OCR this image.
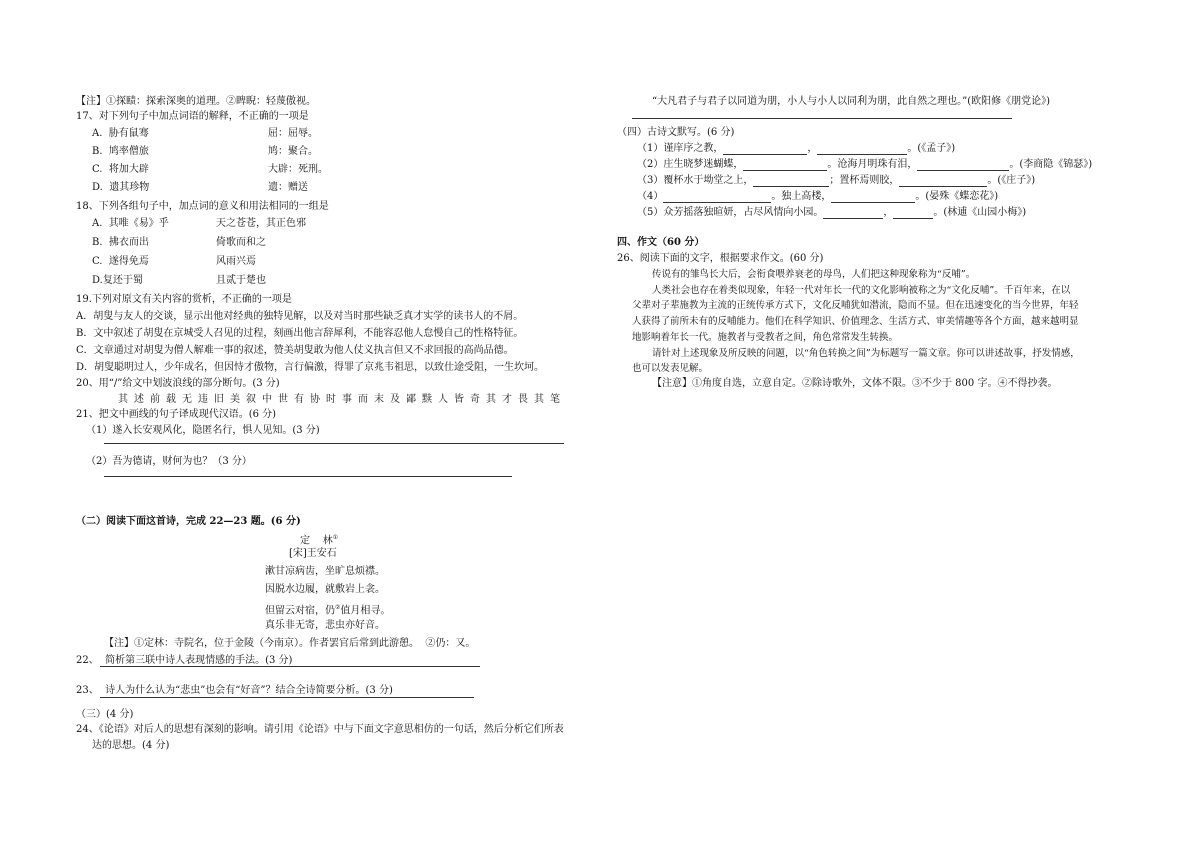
【注】①探赜：探索深奥的道理。②睥睨：轻蔑傲视。
17、对下列句子中加点词语的解释，不正确的一项是
A.  胁有鼠骞	屈：屈辱。
B.  鸠率僧旅	鸠：聚合。
C.  将加大辟	大辟：死刑。
D.  遗其珍物	遗：赠送
18、下列各组句子中，加点词的意义和用法相同的一组是
A.  其唯《易》乎	天之苍苍，其正色邪
B.  拂衣而出	倚歌而和之
C.  遂得免焉	风雨兴焉
D.复还于蜀	且贰于楚也
19.下列对原文有关内容的赏析，不正确的一项是
A．胡叟与友人的交谈，显示出他对经典的独特见解，以及对当时那些缺乏真才实学的读书人的不屑。
B．文中叙述了胡叟在京城受人召见的过程，刻画出他言辞犀利，不能容忍他人怠慢自己的性格特征。
C．文章通过对胡叟为僧人解难一事的叙述，赞美胡叟敢为他人仗义执言但又不求回报的高尚品德。
D．胡叟聪明过人，少年成名，但因恃才傲物，言行偏激，得罪了京兆韦祖思，以致仕途受阻，一生坎坷。
20、用“/”给文中划波浪线的部分断句。(3 分)
其述前载无违旧美叙中世有协时事而末及鄙黩人皆奇其才畏其笔
21、把文中画线的句子译成现代汉语。(6 分)
（1）遂入长安观风化，隐匿名行，惧人见知。(3 分)
（2）吾为德请，财何为也？（3 分）
（二）阅读下面这首诗，完成 22—23 题。(6 分)
定    林①
[宋]王安石
漱甘凉病齿，坐旷息烦襟。
因脱水边履，就敷岩上衾。
但留云对宿，仍②值月相寻。
真乐非无寄，悲虫亦好音。
【注】①定林：寺院名，位于金陵（今南京）。作者罢官后常到此游憩。  ②仍：又。
22、  简析第三联中诗人表现情感的手法。(3 分)
23、  诗人为什么认为“悲虫”也会有“好音”？结合全诗简要分析。(3 分)
（三）(4 分)
24、《论语》对后人的思想有深刻的影响。请引用《论语》中与下面文字意思相仿的一句话，然后分析它们所表
达的思想。(4 分)
“大凡君子与君子以同道为朋，小人与小人以同利为朋，此自然之理也。”(欧阳修《朋党论》)
（四）古诗文默写。(6 分)
（1）谨庠序之教，	，	。(《孟子》)
（2）庄生晓梦迷蝴蝶，	。沧海月明珠有泪，	。(李商隐《锦瑟》)
（3）覆杯水于坳堂之上，	；置杯焉则胶，	。(《庄子》)
（4）	。独上高楼，	。(晏殊《蝶恋花》)
（5）众芳摇落独暄妍，占尽风情向小园。	，	。(林逋《山园小梅》)
四、作文（60 分）
26、阅读下面的文字，根据要求作文。(60 分)
传说有的雏鸟长大后，会衔食喂养衰老的母鸟，人们把这种现象称为“反哺”。
人类社会也存在着类似现象，年轻一代对年长一代的文化影响被称之为“文化反哺”。千百年来，在以
父辈对子辈施教为主流的正统传承方式下，文化反哺犹如潜流，隐而不显。但在迅速变化的当今世界，年轻
人获得了前所未有的反哺能力。他们在科学知识、价值理念、生活方式、审美情趣等各个方面，越来越明显
地影响着年长一代。施教者与受教者之间，角色常常发生转换。
请针对上述现象及所反映的问题，以“角色转换之间”为标题写一篇文章。你可以讲述故事，抒发情感，
也可以发表见解。
【注意】①角度自选，立意自定。②除诗歌外，文体不限。③不少于 800 字。④不得抄袭。
